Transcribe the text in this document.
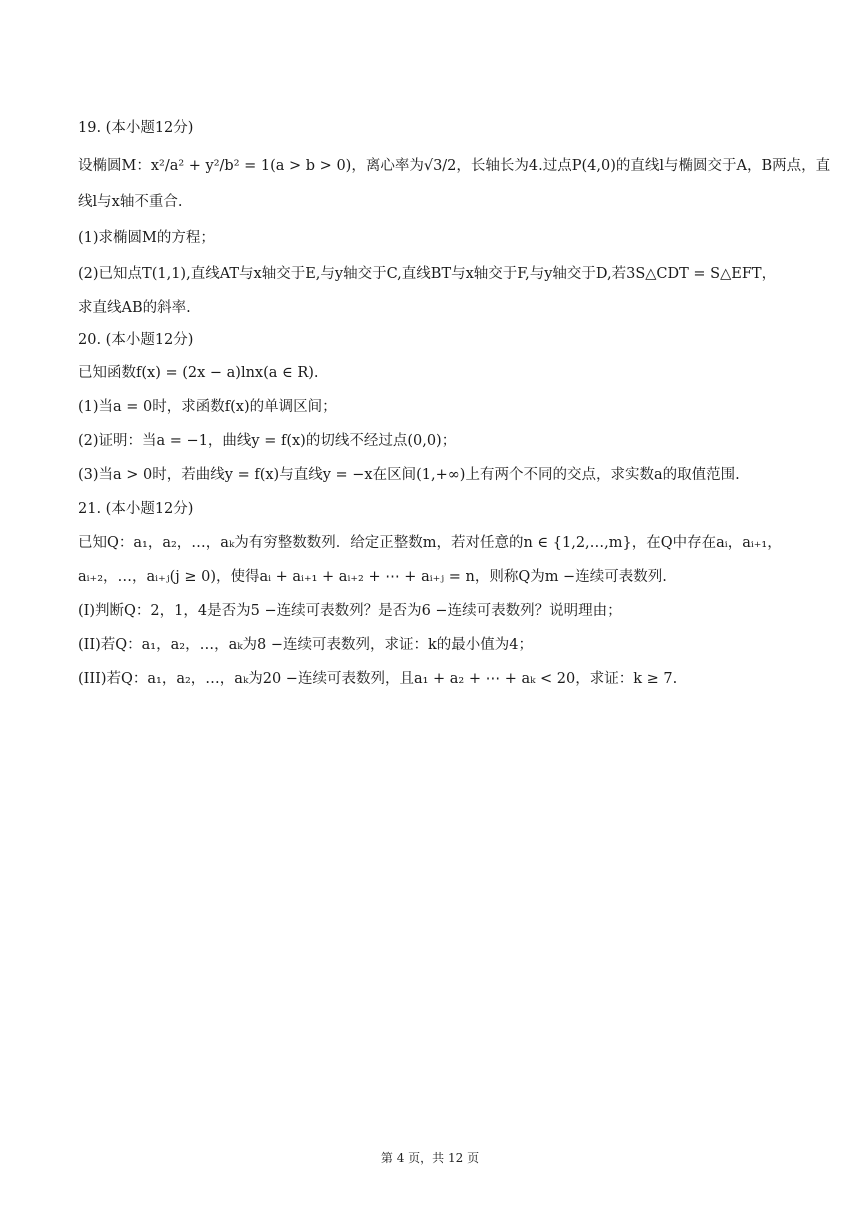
19. (本小题12分)
设椭圆M：x²/a² + y²/b² = 1(a > b > 0)，离心率为√3/2，长轴长为4.过点P(4,0)的直线l与椭圆交于A，B两点，直
线l与x轴不重合.
(1)求椭圆M的方程；
(2)已知点T(1,1),直线AT与x轴交于E,与y轴交于C,直线BT与x轴交于F,与y轴交于D,若3S△CDT = S△EFT，
求直线AB的斜率.
20. (本小题12分)
已知函数f(x) = (2x − a)lnx(a ∈ R).
(1)当a = 0时，求函数f(x)的单调区间；
(2)证明：当a = −1，曲线y = f(x)的切线不经过点(0,0)；
(3)当a > 0时，若曲线y = f(x)与直线y = −x在区间(1,+∞)上有两个不同的交点，求实数a的取值范围.
21. (本小题12分)
已知Q：a₁，a₂，…，aₖ为有穷整数数列．给定正整数m，若对任意的n ∈ {1,2,…,m}，在Q中存在aᵢ，aᵢ₊₁，
aᵢ₊₂，…，aᵢ₊ⱼ(j ≥ 0)，使得aᵢ + aᵢ₊₁ + aᵢ₊₂ + ⋯ + aᵢ₊ⱼ = n，则称Q为m −连续可表数列.
(I)判断Q：2，1，4是否为5 −连续可表数列？是否为6 −连续可表数列？说明理由；
(II)若Q：a₁，a₂，…，aₖ为8 −连续可表数列，求证：k的最小值为4；
(III)若Q：a₁，a₂，…，aₖ为20 −连续可表数列，且a₁ + a₂ + ⋯ + aₖ < 20，求证：k ≥ 7.
第 4 页，共 12 页
